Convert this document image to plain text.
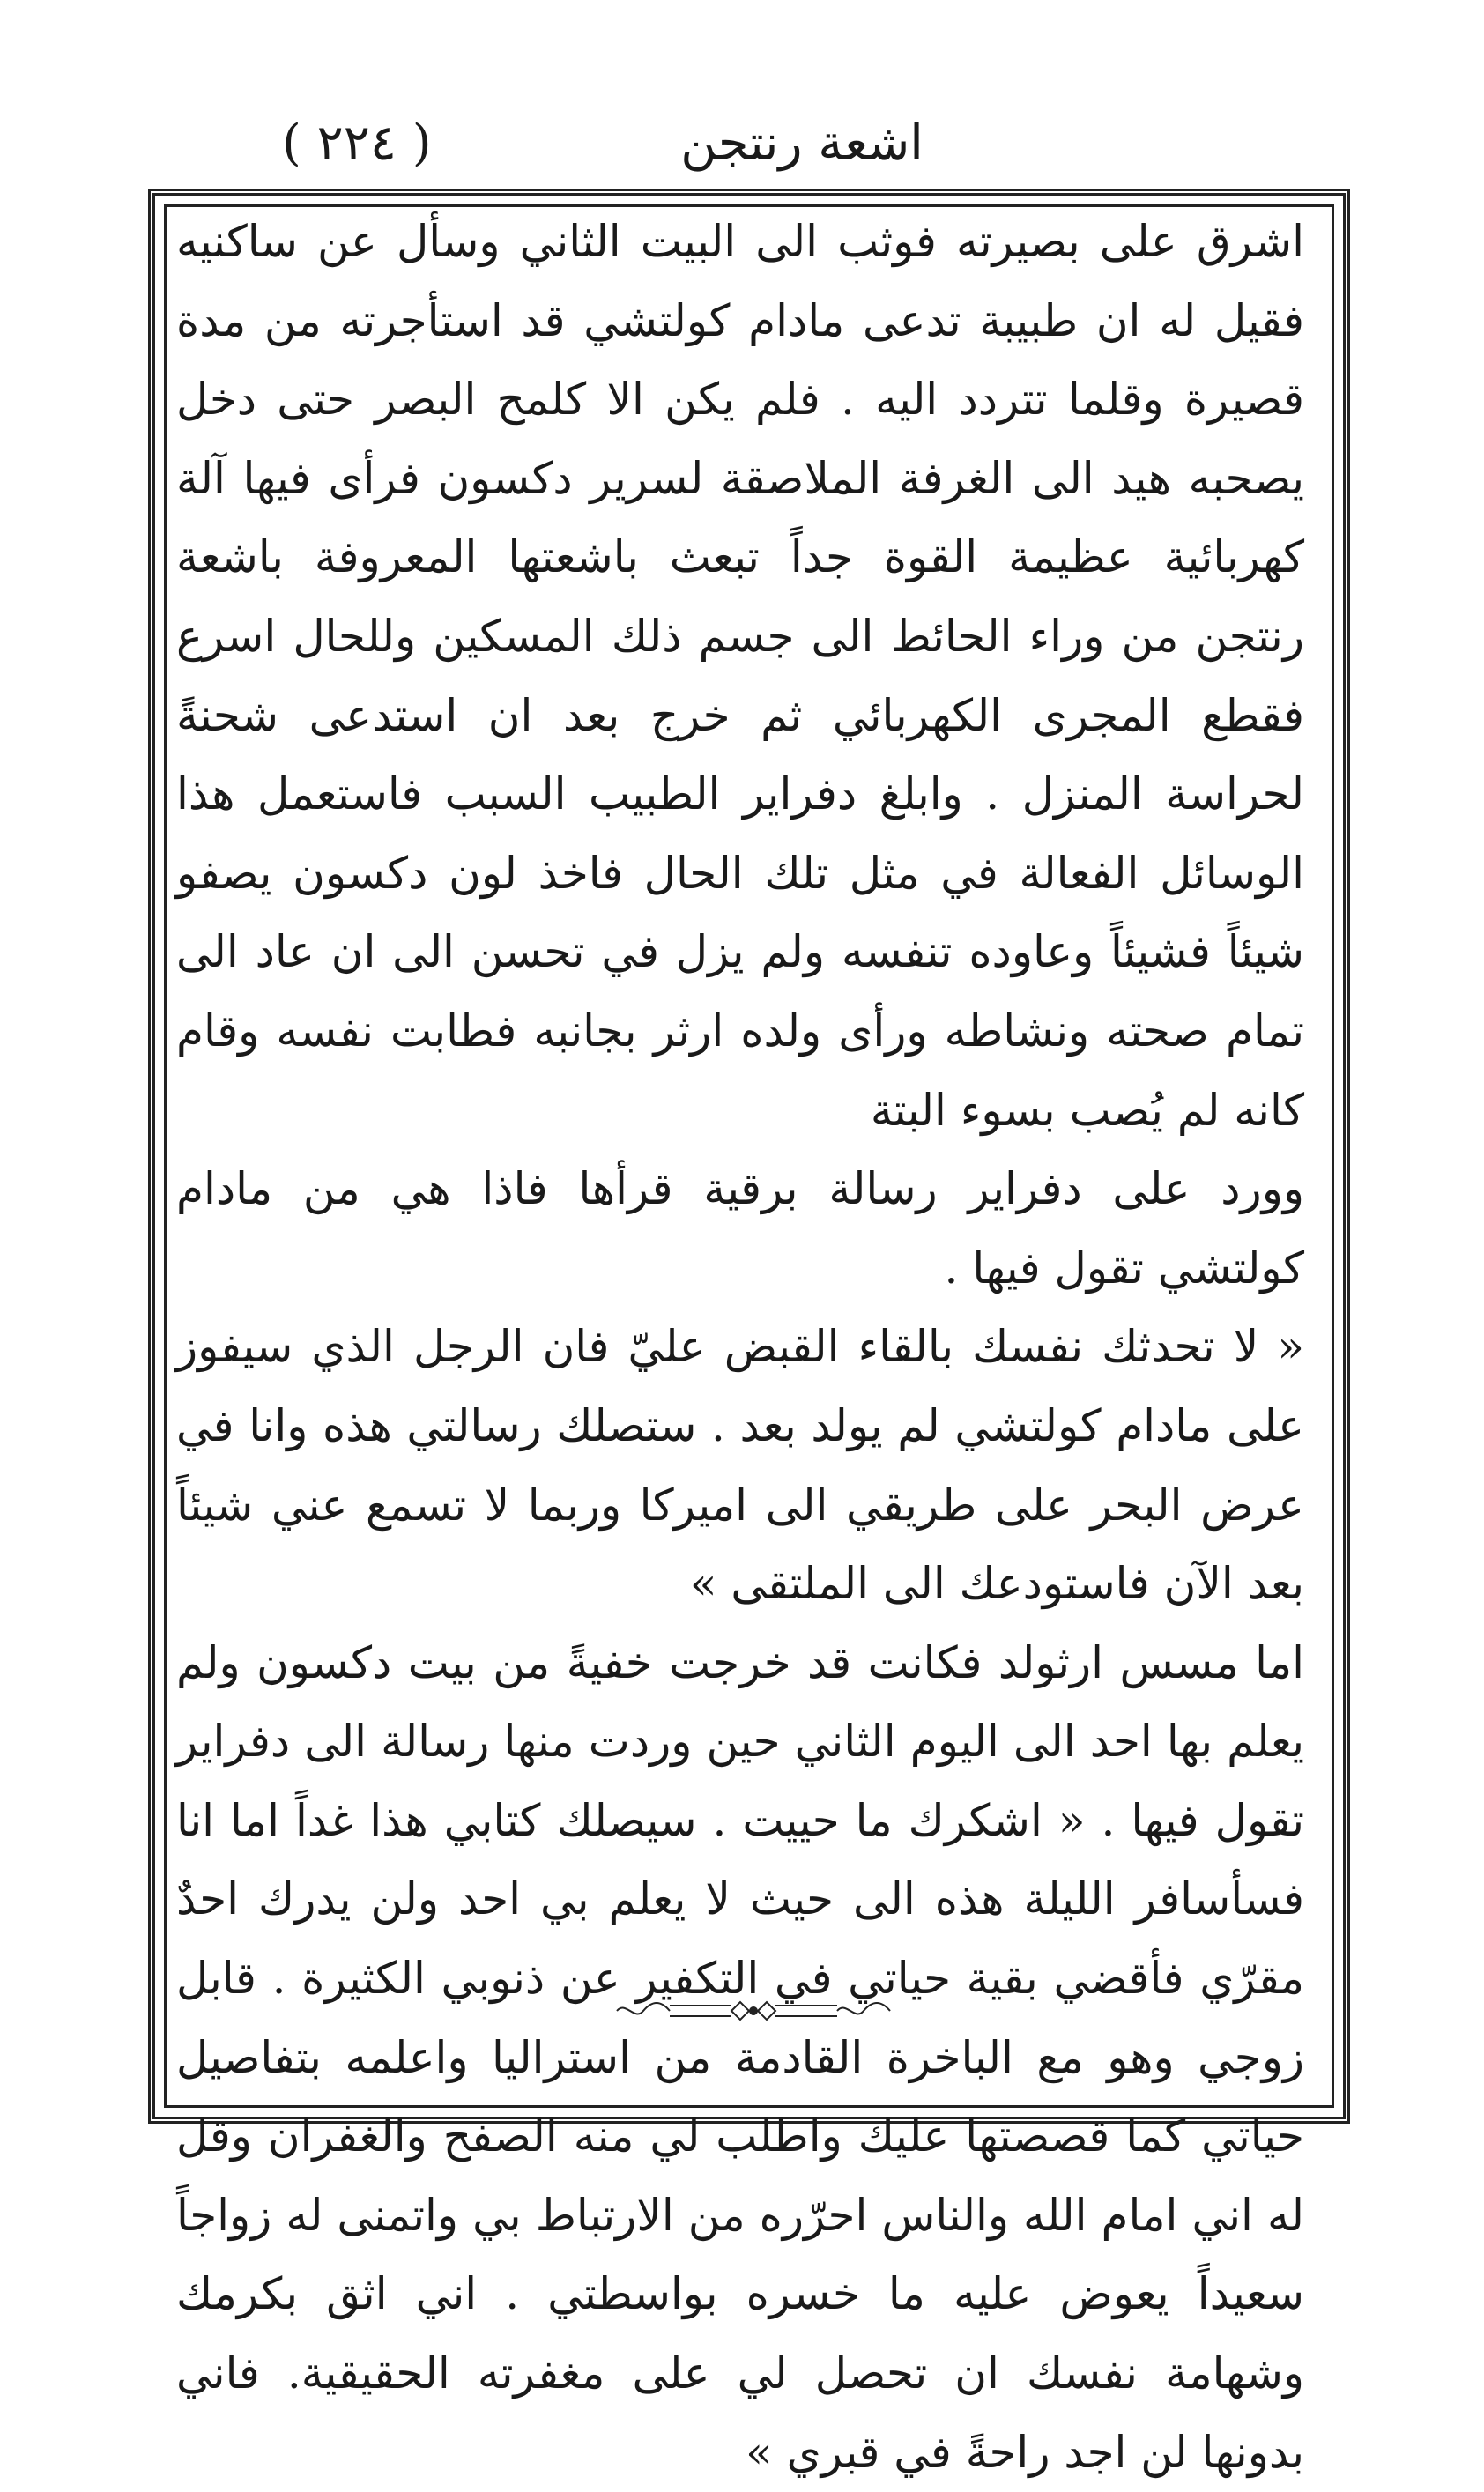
( ٢٢٤ )	اشعة رنتجن

اشرق على بصيرته فوثب الى البيت الثاني وسأل عن ساكنيه فقيل له ان طبيبة تدعى مادام كولتشي قد استأجرته من مدة قصيرة وقلما تتردد اليه . فلم يكن الا كلمح البصر حتى دخل يصحبه هيد الى الغرفة الملاصقة لسرير دكسون فرأى فيها آلة كهربائية عظيمة القوة جداً تبعث باشعتها المعروفة باشعة رنتجن من وراء الحائط الى جسم ذلك المسكين وللحال اسرع فقطع المجرى الكهربائي ثم خرج بعد ان استدعى شحنةً لحراسة المنزل . وابلغ دفراير الطبيب السبب فاستعمل هذا الوسائل الفعالة في مثل تلك الحال فاخذ لون دكسون يصفو شيئاً فشيئاً وعاوده تنفسه ولم يزل في تحسن الى ان عاد الى تمام صحته ونشاطه ورأى ولده ارثر بجانبه فطابت نفسه وقام كانه لم يُصب بسوء البتة

وورد على دفراير رسالة برقية قرأها فاذا هي من مادام كولتشي تقول فيها .

« لا تحدثك نفسك بالقاء القبض عليّ فان الرجل الذي سيفوز على مادام كولتشي لم يولد بعد . ستصلك رسالتي هذه وانا في عرض البحر على طريقي الى اميركا وربما لا تسمع عني شيئاً بعد الآن فاستودعك الى الملتقى »

اما مسس ارثولد فكانت قد خرجت خفيةً من بيت دكسون ولم يعلم بها احد الى اليوم الثاني حين وردت منها رسالة الى دفراير تقول فيها . « اشكرك ما حييت . سيصلك كتابي هذا غداً اما انا فسأسافر الليلة هذه الى حيث لا يعلم بي احد ولن يدرك احدٌ مقرّي فأقضي بقية حياتي في التكفير عن ذنوبي الكثيرة . قابل زوجي وهو مع الباخرة القادمة من استراليا واعلمه بتفاصيل حياتي كما قصصتها عليك واطلب لي منه الصفح والغفران وقل له اني امام الله والناس احرّره من الارتباط بي واتمنى له زواجاً سعيداً يعوض عليه ما خسره بواسطتي . اني اثق بكرمك وشهامة نفسك ان تحصل لي على مغفرته الحقيقية. فاني بدونها لن اجد راحةً في قبري »
